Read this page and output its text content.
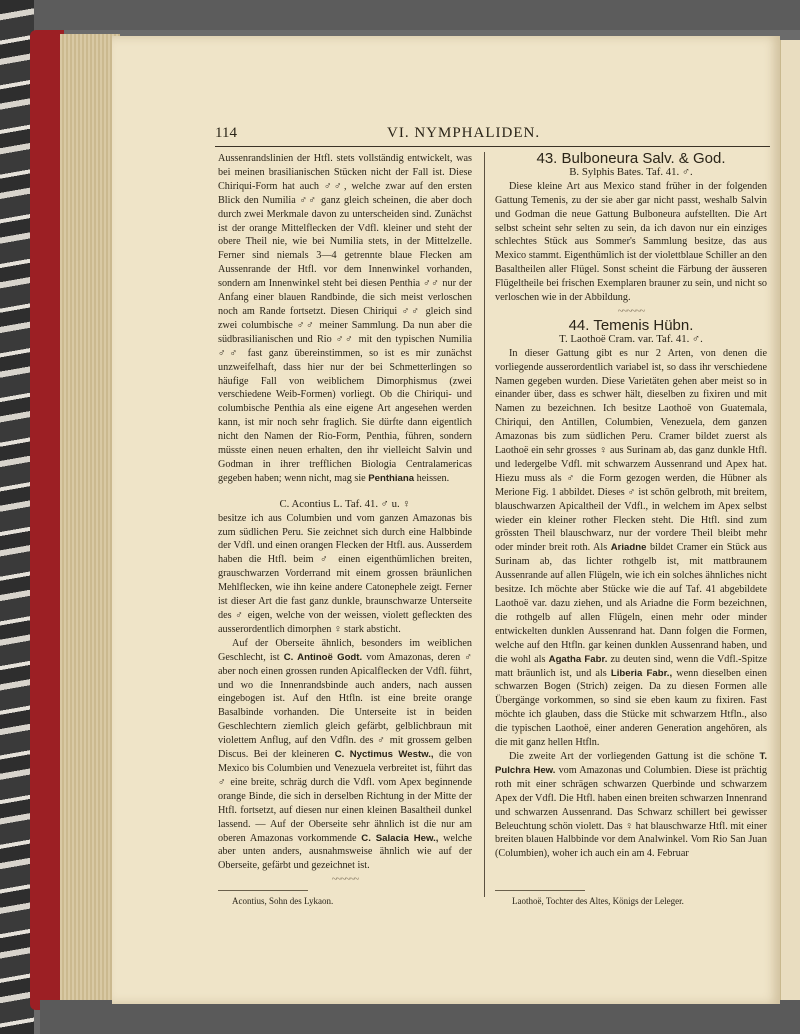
114	VI. NYMPHALIDEN.

Aussenrandslinien der Htfl. stets vollständig entwickelt, was bei meinen brasilianischen Stücken nicht der Fall ist. Diese Chiriqui-Form hat auch ♂♂, welche zwar auf den ersten Blick den Numilia ♂♂ ganz gleich scheinen, die aber doch durch zwei Merkmale davon zu unterscheiden sind. Zunächst ist der orange Mittelflecken der Vdfl. kleiner und steht der obere Theil nie, wie bei Numilia stets, in der Mittelzelle. Ferner sind niemals 3—4 getrennte blaue Flecken am Aussenrande der Htfl. vor dem Innenwinkel vorhanden, sondern am Innenwinkel steht bei diesen Penthia ♂♂ nur der Anfang einer blauen Randbinde, die sich meist verloschen noch am Rande fortsetzt. Diesen Chiriqui ♂♂ gleich sind zwei columbische ♂♂ meiner Sammlung. Da nun aber die südbrasilianischen und Rio ♂♂ mit den typischen Numilia ♂♂ fast ganz übereinstimmen, so ist es mir zunächst unzweifelhaft, dass hier nur der bei Schmetterlingen so häufige Fall von weiblichem Dimorphismus (zwei verschiedene Weib-Formen) vorliegt. Ob die Chiriqui- und columbische Penthia als eine eigene Art angesehen werden kann, ist mir noch sehr fraglich. Sie dürfte dann eigentlich nicht den Namen der Rio-Form, Penthia, führen, sondern müsste einen neuen erhalten, den ihr vielleicht Salvin und Godman in ihrer trefflichen Biologia Centralamericas gegeben haben; wenn nicht, mag sie Penthiana heissen.

C. Acontius L. Taf. 41. ♂ u. ♀

besitze ich aus Columbien und vom ganzen Amazonas bis zum südlichen Peru. Sie zeichnet sich durch eine Halbbinde der Vdfl. und einen orangen Flecken der Htfl. aus. Ausserdem haben die Htfl. beim ♂ einen eigenthümlichen breiten, grauschwarzen Vorderrand mit einem grossen bräunlichen Mehlflecken, wie ihn keine andere Catonephele zeigt. Ferner ist dieser Art die fast ganz dunkle, braunschwarze Unterseite des ♂ eigen, welche von der weissen, violett gefleckten des ausserordentlich dimorphen ♀ stark absticht.

Auf der Oberseite ähnlich, besonders im weiblichen Geschlecht, ist C. Antinoë Godt. vom Amazonas, deren ♂ aber noch einen grossen runden Apicalflecken der Vdfl. führt, und wo die Innenrandsbinde auch anders, nach aussen eingebogen ist. Auf den Htfln. ist eine breite orange Basalbinde vorhanden. Die Unterseite ist in beiden Geschlechtern ziemlich gleich gefärbt, gelblichbraun mit violettem Anflug, auf den Vdfln. des ♂ mit grossem gelben Discus. Bei der kleineren C. Nyctimus Westw., die von Mexico bis Columbien und Venezuela verbreitet ist, führt das ♂ eine breite, schräg durch die Vdfl. vom Apex beginnende orange Binde, die sich in derselben Richtung in der Mitte der Htfl. fortsetzt, auf diesen nur einen kleinen Basaltheil dunkel lassend. — Auf der Oberseite sehr ähnlich ist die nur am oberen Amazonas vorkommende C. Salacia Hew., welche aber unten anders, ausnahmsweise ähnlich wie auf der Oberseite, gefärbt und gezeichnet ist.

~~~~~~

43. Bulboneura Salv. & God.

B. Sylphis Bates. Taf. 41. ♂.

Diese kleine Art aus Mexico stand früher in der folgenden Gattung Temenis, zu der sie aber gar nicht passt, weshalb Salvin und Godman die neue Gattung Bulboneura aufstellten. Die Art selbst scheint sehr selten zu sein, da ich davon nur ein einziges schlechtes Stück aus Sommer's Sammlung besitze, das aus Mexico stammt. Eigenthümlich ist der violettblaue Schiller an den Basaltheilen aller Flügel. Sonst scheint die Färbung der äusseren Flügeltheile bei frischen Exemplaren brauner zu sein, und nicht so verloschen wie in der Abbildung.

~~~~~~

44. Temenis Hübn.

T. Laothoë Cram. var. Taf. 41. ♂.

In dieser Gattung gibt es nur 2 Arten, von denen die vorliegende ausserordentlich variabel ist, so dass ihr verschiedene Namen gegeben wurden. Diese Varietäten gehen aber meist so in einander über, dass es schwer hält, dieselben zu fixiren und mit Namen zu bezeichnen. Ich besitze Laothoë von Guatemala, Chiriqui, den Antillen, Columbien, Venezuela, dem ganzen Amazonas bis zum südlichen Peru. Cramer bildet zuerst als Laothoë ein sehr grosses ♀ aus Surinam ab, das ganz dunkle Htfl. und ledergelbe Vdfl. mit schwarzem Aussenrand und Apex hat. Hiezu muss als ♂ die Form gezogen werden, die Hübner als Merione Fig. 1 abbildet. Dieses ♂ ist schön gelbroth, mit breitem, blauschwarzen Apicaltheil der Vdfl., in welchem im Apex selbst wieder ein kleiner rother Flecken steht. Die Htfl. sind zum grössten Theil blauschwarz, nur der vordere Theil bleibt mehr oder minder breit roth. Als Ariadne bildet Cramer ein Stück aus Surinam ab, das lichter rothgelb ist, mit mattbraunem Aussenrande auf allen Flügeln, wie ich ein solches ähnliches nicht besitze. Ich möchte aber Stücke wie die auf Taf. 41 abgebildete Laothoë var. dazu ziehen, und als Ariadne die Form bezeichnen, die rothgelb auf allen Flügeln, einen mehr oder minder entwickelten dunklen Aussenrand hat. Dann folgen die Formen, welche auf den Htfln. gar keinen dunklen Aussenrand haben, und die wohl als Agatha Fabr. zu deuten sind, wenn die Vdfl.-Spitze matt bräunlich ist, und als Liberia Fabr., wenn dieselben einen schwarzen Bogen (Strich) zeigen. Da zu diesen Formen alle Übergänge vorkommen, so sind sie eben kaum zu fixiren. Fast möchte ich glauben, dass die Stücke mit schwarzem Htfln., also die typischen Laothoë, einer anderen Generation angehören, als die mit ganz hellen Htfln.

Die zweite Art der vorliegenden Gattung ist die schöne T. Pulchra Hew. vom Amazonas und Columbien. Diese ist prächtig roth mit einer schrägen schwarzen Querbinde und schwarzem Apex der Vdfl. Die Htfl. haben einen breiten schwarzen Innenrand und schwarzen Aussenrand. Das Schwarz schillert bei gewisser Beleuchtung schön violett. Das ♀ hat blauschwarze Htfl. mit einer breiten blauen Halbbinde vor dem Analwinkel. Vom Rio San Juan (Columbien), woher ich auch ein am 4. Februar

Acontius, Sohn des Lykaon.	Laothoë, Tochter des Altes, Königs der Leleger.
